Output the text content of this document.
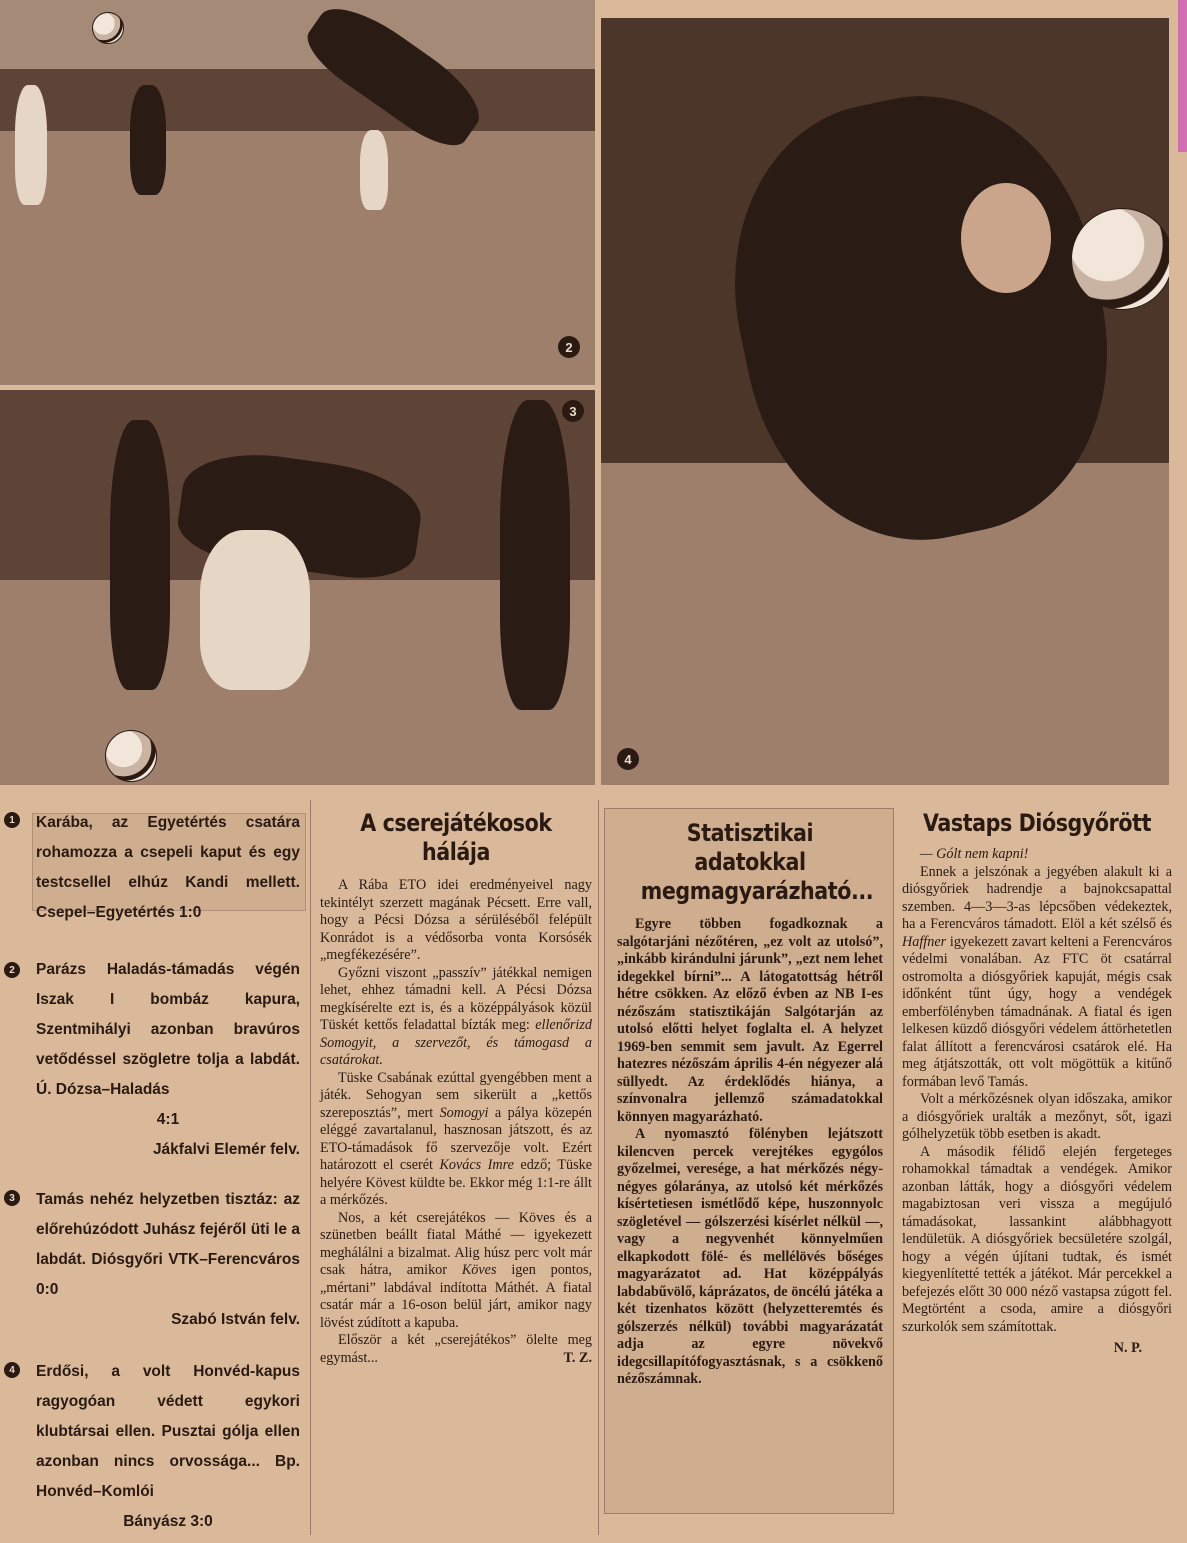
2
3
4
1	Karába, az Egyetértés csatára rohamozza a csepeli kaput és egy testcsellel elhúz Kandi mellett. Csepel–Egyetértés 1:0
2	Parázs Haladás-támadás végén Iszak I bombáz kapura, Szentmihályi azonban bravúros vetődéssel szögletre tolja a labdát. Ú. Dózsa–Haladás
4:1
Jákfalvi Elemér felv.
3	Tamás nehéz helyzetben tisztáz: az előrehúzódott Juhász fejéről üti le a labdát. Diósgyőri VTK–Ferencváros 0:0
Szabó István felv.
4	Erdősi, a volt Honvéd-kapus ragyogóan védett egykori klubtársai ellen. Pusztai gólja ellen azonban nincs orvossága... Bp. Honvéd–Komlói
Bányász 3:0
A cserejátékosok hálája

A Rába ETO idei eredményeivel nagy tekintélyt szerzett magának Pécsett. Erre vall, hogy a Pécsi Dózsa a sérüléséből felépült Konrádot is a védősorba vonta Korsósék „megfékezésére”.

Győzni viszont „passzív” játékkal nemigen lehet, ehhez támadni kell. A Pécsi Dózsa megkísérelte ezt is, és a középpályások közül Tüskét kettős feladattal bízták meg: ellenőrizd Somogyit, a szervezőt, és támogasd a csatárokat.

Tüske Csabának ezúttal gyengébben ment a játék. Sehogyan sem sikerült a „kettős szereposztás”, mert Somogyi a pálya közepén eléggé zavartalanul, hasznosan játszott, és az ETO-támadások fő szervezője volt. Ezért határozott el cserét Kovács Imre edző; Tüske helyére Kövest küldte be. Ekkor még 1:1-re állt a mérkőzés.

Nos, a két cserejátékos — Köves és a szünetben beállt fiatal Máthé — igyekezett meghálálni a bizalmat. Alig húsz perc volt már csak hátra, amikor Köves igen pontos, „mértani” labdával indította Máthét. A fiatal csatár már a 16-oson belül járt, amikor nagy lövést zúdított a kapuba.

Először a két „cserejátékos” ölelte meg egymást...	T. Z.

Statisztikai adatokkal megmagyarázható...

Egyre többen fogadkoznak a salgótarjáni nézőtéren, „ez volt az utolsó”, „inkább kirándulni járunk”, „ezt nem lehet idegekkel bírni”... A látogatottság hétről hétre csökken. Az előző évben az NB I-es nézőszám statisztikáján Salgótarján az utolsó előtti helyet foglalta el. A helyzet 1969-ben semmit sem javult. Az Egerrel hatezres nézőszám április 4-én négyezer alá süllyedt. Az érdeklődés hiánya, a színvonalra jellemző számadatokkal könnyen magyarázható.

A nyomasztó fölényben lejátszott kilencven percek verejtékes egygólos győzelmei, veresége, a hat mérkőzés négy-négyes gólaránya, az utolsó két mérkőzés kísértetiesen ismétlődő képe, huszonnyolc szögletével — gólszerzési kísérlet nélkül —, vagy a negyvenhét könnyelműen elkapkodott fölé- és mellélövés bőséges magyarázatot ad. Hat középpályás labdabűvölő, káprázatos, de öncélú játéka a két tizenhatos között (helyzetteremtés és gólszerzés nélkül) további magyarázatát adja az egyre növekvő idegcsillapítófogyasztásnak, s a csökkenő nézőszámnak.

Vastaps Diósgyőrött

— Gólt nem kapni!

Ennek a jelszónak a jegyében alakult ki a diósgyőriek hadrendje a bajnokcsapattal szemben. 4—3—3-as lépcsőben védekeztek, ha a Ferencváros támadott. Elöl a két szélső és Haffner igyekezett zavart kelteni a Ferencváros védelmi vonalában. Az FTC öt csatárral ostromolta a diósgyőriek kapuját, mégis csak időnként tűnt úgy, hogy a vendégek emberfölényben támadnának. A fiatal és igen lelkesen küzdő diósgyőri védelem áttörhetetlen falat állított a ferencvárosi csatárok elé. Ha meg átjátszották, ott volt mögöttük a kitűnő formában levő Tamás.

Volt a mérkőzésnek olyan időszaka, amikor a diósgyőriek uralták a mezőnyt, sőt, igazi gólhelyzetük több esetben is akadt.

A második félidő elején fergeteges rohamokkal támadtak a vendégek. Amikor azonban látták, hogy a diósgyőri védelem magabiztosan veri vissza a megújuló támadásokat, lassankint alábbhagyott lendületük. A diósgyőriek becsületére szolgál, hogy a végén újítani tudtak, és ismét kiegyenlítetté tették a játékot. Már percekkel a befejezés előtt 30 000 néző vastapsa zúgott fel. Megtörtént a csoda, amire a diósgyőri szurkolók sem számítottak.

N. P.
